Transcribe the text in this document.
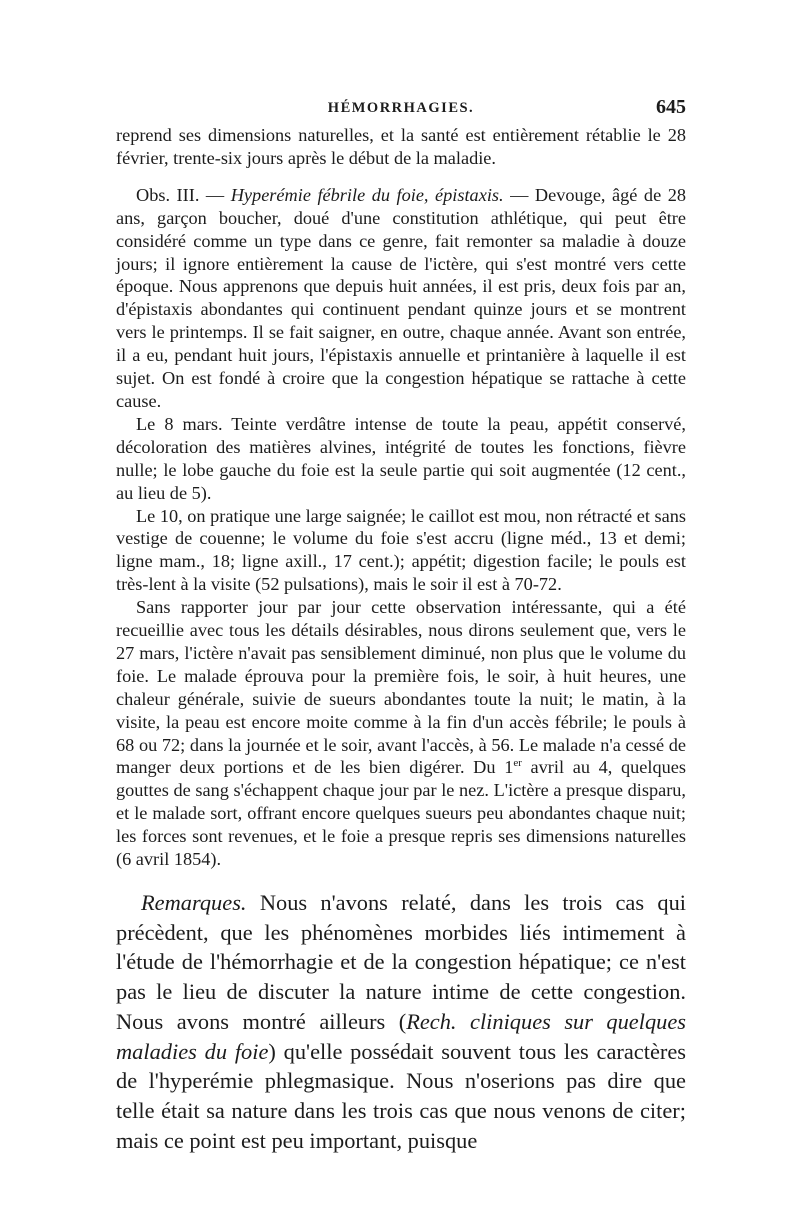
HÉMORRHAGIES.	645

reprend ses dimensions naturelles, et la santé est entièrement rétablie le 28 février, trente-six jours après le début de la maladie.

Obs. III. — Hyperémie fébrile du foie, épistaxis. — Devouge, âgé de 28 ans, garçon boucher, doué d'une constitution athlétique, qui peut être considéré comme un type dans ce genre, fait remonter sa maladie à douze jours; il ignore entièrement la cause de l'ictère, qui s'est montré vers cette époque. Nous apprenons que depuis huit années, il est pris, deux fois par an, d'épistaxis abondantes qui continuent pendant quinze jours et se montrent vers le printemps. Il se fait saigner, en outre, chaque année. Avant son entrée, il a eu, pendant huit jours, l'épistaxis annuelle et printanière à laquelle il est sujet. On est fondé à croire que la congestion hépatique se rattache à cette cause.

Le 8 mars. Teinte verdâtre intense de toute la peau, appétit conservé, décoloration des matières alvines, intégrité de toutes les fonctions, fièvre nulle; le lobe gauche du foie est la seule partie qui soit augmentée (12 cent., au lieu de 5).

Le 10, on pratique une large saignée; le caillot est mou, non rétracté et sans vestige de couenne; le volume du foie s'est accru (ligne méd., 13 et demi; ligne mam., 18; ligne axill., 17 cent.); appétit; digestion facile; le pouls est très-lent à la visite (52 pulsations), mais le soir il est à 70-72.

Sans rapporter jour par jour cette observation intéressante, qui a été recueillie avec tous les détails désirables, nous dirons seulement que, vers le 27 mars, l'ictère n'avait pas sensiblement diminué, non plus que le volume du foie. Le malade éprouva pour la première fois, le soir, à huit heures, une chaleur générale, suivie de sueurs abondantes toute la nuit; le matin, à la visite, la peau est encore moite comme à la fin d'un accès fébrile; le pouls à 68 ou 72; dans la journée et le soir, avant l'accès, à 56. Le malade n'a cessé de manger deux portions et de les bien digérer. Du 1er avril au 4, quelques gouttes de sang s'échappent chaque jour par le nez. L'ictère a presque disparu, et le malade sort, offrant encore quelques sueurs peu abondantes chaque nuit; les forces sont revenues, et le foie a presque repris ses dimensions naturelles (6 avril 1854).

Remarques. Nous n'avons relaté, dans les trois cas qui précèdent, que les phénomènes morbides liés intimement à l'étude de l'hémorrhagie et de la congestion hépatique; ce n'est pas le lieu de discuter la nature intime de cette congestion. Nous avons montré ailleurs (Rech. cliniques sur quelques maladies du foie) qu'elle possédait souvent tous les caractères de l'hyperémie phlegmasique. Nous n'oserions pas dire que telle était sa nature dans les trois cas que nous venons de citer; mais ce point est peu important, puisque
